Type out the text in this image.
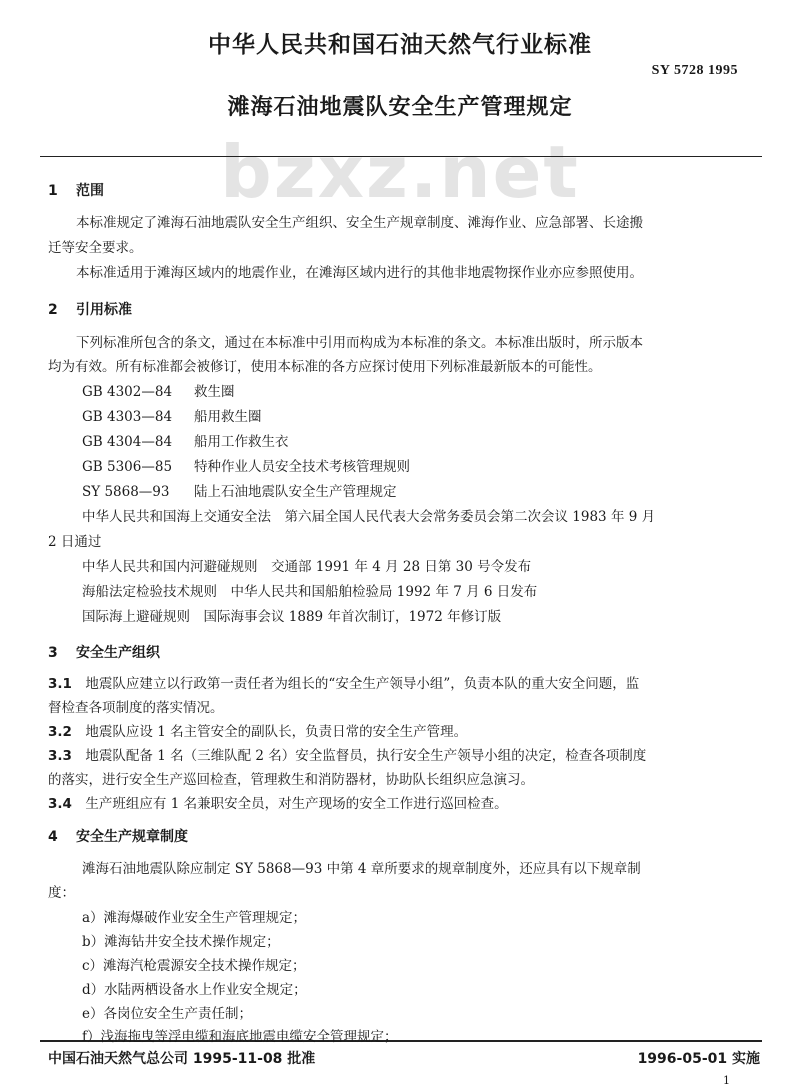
bzxz.net
中华人民共和国石油天然气行业标准
SY 5728 1995
滩海石油地震队安全生产管理规定
1 范围
本标准规定了滩海石油地震队安全生产组织、安全生产规章制度、滩海作业、应急部署、长途搬
迁等安全要求。
本标准适用于滩海区域内的地震作业，在滩海区域内进行的其他非地震物探作业亦应参照使用。
2 引用标准
下列标准所包含的条文，通过在本标准中引用而构成为本标准的条文。本标准出版时，所示版本
均为有效。所有标准都会被修订，使用本标准的各方应探讨使用下列标准最新版本的可能性。
GB 4302—84 救生圈
GB 4303—84 船用救生圈
GB 4304—84 船用工作救生衣
GB 5306—85 特种作业人员安全技术考核管理规则
SY 5868—93 陆上石油地震队安全生产管理规定
中华人民共和国海上交通安全法　第六届全国人民代表大会常务委员会第二次会议 1983 年 9 月
2 日通过
中华人民共和国内河避碰规则　交通部 1991 年 4 月 28 日第 30 号令发布
海船法定检验技术规则　中华人民共和国船舶检验局 1992 年 7 月 6 日发布
国际海上避碰规则　国际海事会议 1889 年首次制订，1972 年修订版
3 安全生产组织
3.1　 地震队应建立以行政第一责任者为组长的“安全生产领导小组”，负责本队的重大安全问题，监
督检查各项制度的落实情况。
3.2　 地震队应设 1 名主管安全的副队长，负责日常的安全生产管理。
3.3　 地震队配备 1 名（三维队配 2 名）安全监督员，执行安全生产领导小组的决定，检查各项制度
的落实，进行安全生产巡回检查，管理救生和消防器材，协助队长组织应急演习。
3.4　 生产班组应有 1 名兼职安全员，对生产现场的安全工作进行巡回检查。
4 安全生产规章制度
滩海石油地震队除应制定 SY 5868—93 中第 4 章所要求的规章制度外，还应具有以下规章制
度：
a）滩海爆破作业安全生产管理规定；
b）滩海钻井安全技术操作规定；
c）滩海汽枪震源安全技术操作规定；
d）水陆两栖设备水上作业安全规定；
e）各岗位安全生产责任制；
f）浅海拖曳等浮电缆和海底地震电缆安全管理规定；
中国石油天然气总公司 1995-11-08 批准	1996-05-01 实施
1
